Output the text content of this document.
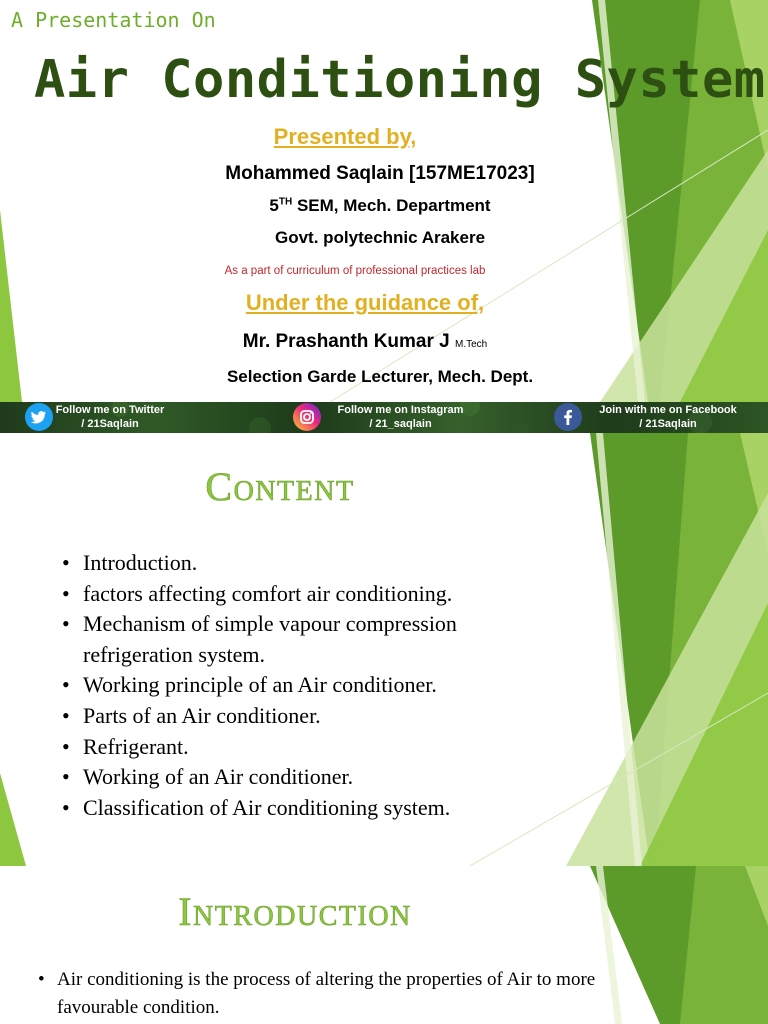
A Presentation On
Air Conditioning System
Presented by,
Mohammed Saqlain [157ME17023]
5TH SEM, Mech. Department
Govt. polytechnic Arakere
As a part of curriculum of professional practices lab
Under the guidance of,
Mr. Prashanth Kumar J M.Tech
Selection Garde Lecturer, Mech. Dept.
Follow me on Twitter
/ 21Saqlain
Follow me on Instagram
/ 21_saqlain
Join with me on Facebook
/ 21Saqlain
Content
• Introduction.
• factors affecting comfort air conditioning.
• Mechanism of simple vapour compression refrigeration system.
• Working principle of an Air conditioner.
• Parts of an Air conditioner.
• Refrigerant.
• Working of an Air conditioner.
• Classification of Air conditioning system.
Introduction
• Air conditioning is the process of altering the properties of Air to more favourable condition.
